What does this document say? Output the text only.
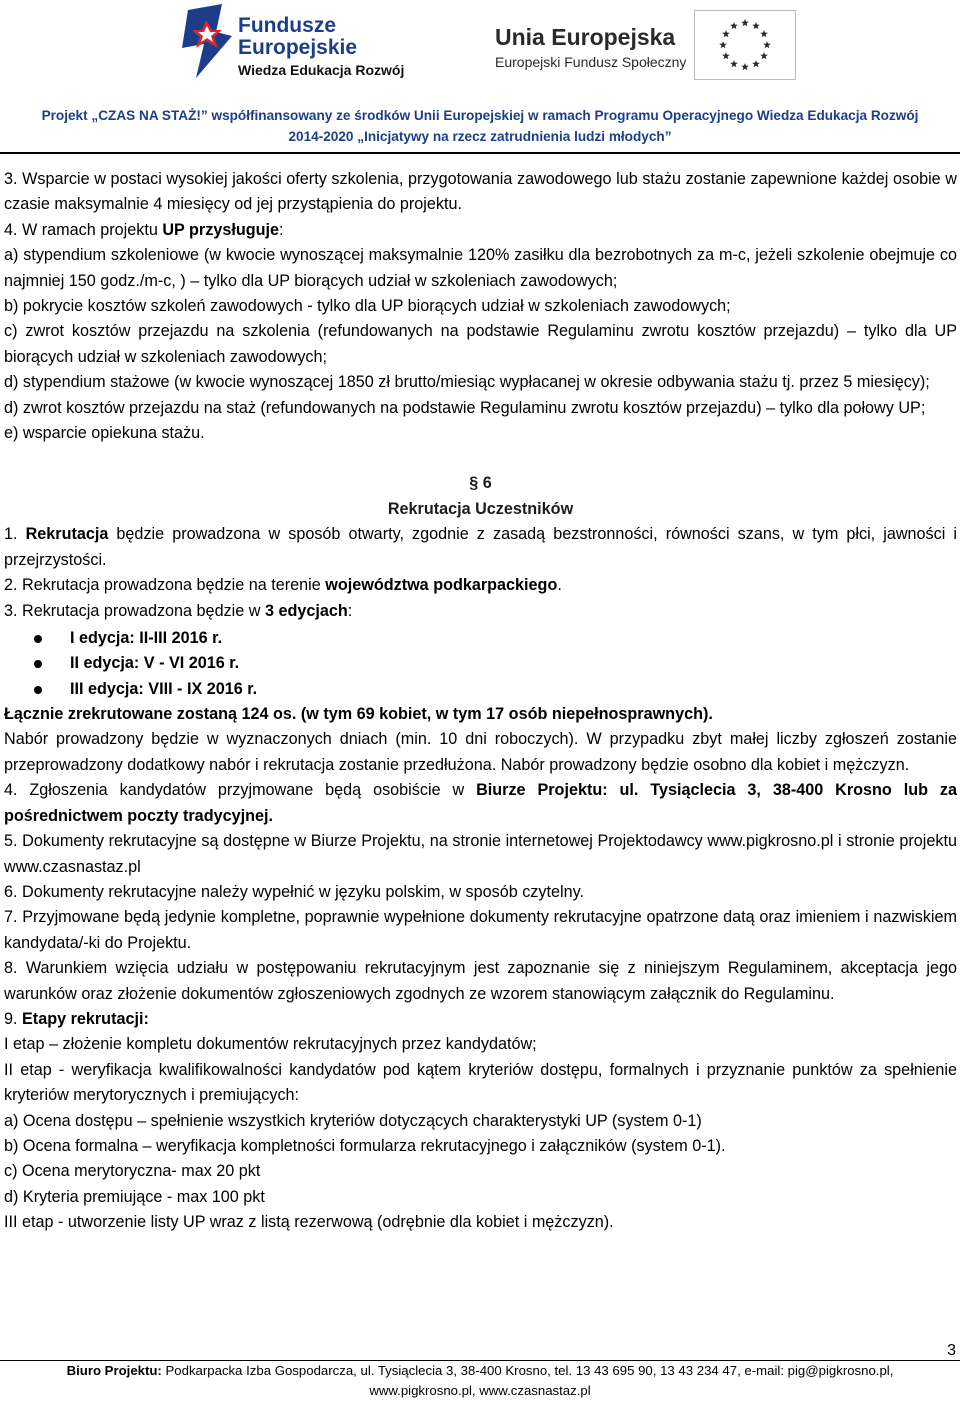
Fundusze
Europejskie
Wiedza Edukacja Rozwój
Unia Europejska
Europejski Fundusz Społeczny
Projekt „CZAS NA STAŻ!” współfinansowany ze środków Unii Europejskiej w ramach Programu Operacyjnego Wiedza Edukacja Rozwój
2014-2020 „Inicjatywy na rzecz zatrudnienia ludzi młodych”

3. Wsparcie w postaci wysokiej jakości oferty szkolenia, przygotowania zawodowego lub stażu zostanie zapewnione każdej osobie w czasie maksymalnie 4 miesięcy od jej przystąpienia do projektu.

4. W ramach projektu UP przysługuje:

a) stypendium szkoleniowe (w kwocie wynoszącej maksymalnie 120% zasiłku dla bezrobotnych za m-c, jeżeli szkolenie obejmuje co najmniej 150 godz./m-c, ) – tylko dla UP biorących udział w szkoleniach zawodowych;

b) pokrycie kosztów szkoleń zawodowych - tylko dla UP biorących udział w szkoleniach zawodowych;

c) zwrot kosztów przejazdu na szkolenia (refundowanych na podstawie Regulaminu zwrotu kosztów przejazdu) – tylko dla UP biorących udział w szkoleniach zawodowych;

d) stypendium stażowe (w kwocie wynoszącej 1850 zł brutto/miesiąc wypłacanej w okresie odbywania stażu tj. przez 5 miesięcy);

d) zwrot kosztów przejazdu na staż (refundowanych na podstawie Regulaminu zwrotu kosztów przejazdu) – tylko dla połowy UP;

e) wsparcie opiekuna stażu.

§ 6

Rekrutacja Uczestników

1. Rekrutacja będzie prowadzona w sposób otwarty, zgodnie z zasadą bezstronności, równości szans, w tym płci, jawności i przejrzystości.

2. Rekrutacja prowadzona będzie na terenie województwa podkarpackiego.

3. Rekrutacja prowadzona będzie w 3 edycjach:

I edycja: II-III 2016 r.
II edycja: V - VI 2016 r.
III edycja: VIII - IX 2016 r.

Łącznie zrekrutowane zostaną 124 os. (w tym 69 kobiet, w tym 17 osób niepełnosprawnych).

Nabór prowadzony będzie w wyznaczonych dniach (min. 10 dni roboczych). W przypadku zbyt małej liczby zgłoszeń zostanie przeprowadzony dodatkowy nabór i rekrutacja zostanie przedłużona. Nabór prowadzony będzie osobno dla kobiet i mężczyzn.

4. Zgłoszenia kandydatów przyjmowane będą osobiście w Biurze Projektu: ul. Tysiąclecia 3, 38-400 Krosno lub za pośrednictwem poczty tradycyjnej.

5. Dokumenty rekrutacyjne są dostępne w Biurze Projektu, na stronie internetowej Projektodawcy www.pigkrosno.pl i stronie projektu www.czasnastaz.pl

6. Dokumenty rekrutacyjne należy wypełnić w języku polskim, w sposób czytelny.

7. Przyjmowane będą jedynie kompletne, poprawnie wypełnione dokumenty rekrutacyjne opatrzone datą oraz imieniem i nazwiskiem kandydata/-ki do Projektu.

8. Warunkiem wzięcia udziału w postępowaniu rekrutacyjnym jest zapoznanie się z niniejszym Regulaminem, akceptacja jego warunków oraz złożenie dokumentów zgłoszeniowych zgodnych ze wzorem stanowiącym załącznik do Regulaminu.

9. Etapy rekrutacji:

I etap – złożenie kompletu dokumentów rekrutacyjnych przez kandydatów;

II etap - weryfikacja kwalifikowalności kandydatów pod kątem kryteriów dostępu, formalnych i przyznanie punktów za spełnienie kryteriów merytorycznych i premiujących:

a) Ocena dostępu – spełnienie wszystkich kryteriów dotyczących charakterystyki UP (system 0-1)

b) Ocena formalna – weryfikacja kompletności formularza rekrutacyjnego i załączników (system 0-1).

c) Ocena merytoryczna- max 20 pkt

d) Kryteria premiujące - max 100 pkt

III etap - utworzenie listy UP wraz z listą rezerwową (odrębnie dla kobiet i mężczyzn).

3
Biuro Projektu: Podkarpacka Izba Gospodarcza, ul. Tysiąclecia 3, 38-400 Krosno, tel. 13 43 695 90, 13 43 234 47, e-mail: pig@pigkrosno.pl,
www.pigkrosno.pl, www.czasnastaz.pl
